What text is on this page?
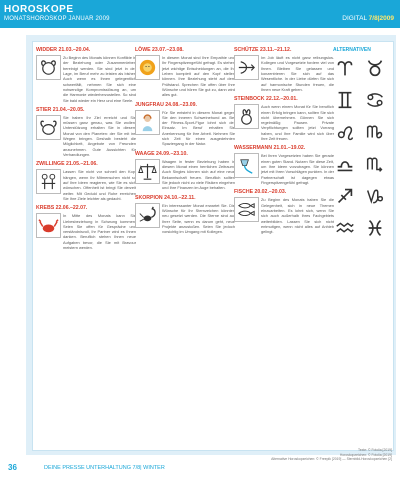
HOROSKOPE
MONATSHOROSKOP JANUAR 2009	DIGITAL 7/8|2009
WIDDER 21.03.–20.04.
Zu Beginn des Monats können Konflikte in der Beziehung oder Zusammenleben bereinigt werden. Sie sind jetzt in der Lage, im Beruf mehr zu leisten als bisher. Auch wenn es Ihnen gelegentlich schwerfällt, nehmen Sie sich eine notwendige Kompromisslösung an, um die Harmonie wiederherzustellen. So sind Sie bald wieder ein Herz und eine Seele.
STIER 21.04.–20.05.
Sie haben Ihr Ziel erreicht und Sie müssen ganz genau, was Sie wollen. Unterstützung erhalten Sie in diesem Monat von den Planeten: der Sie mit ins Wegen bringen. Deshalb besteht die Möglichkeit, Angebote von Freunden anzunehmen. Gute Aussichten für Verhandlungen.
ZWILLINGE 21.05.–21.06.
Lassen Sie nicht vor schnell den Kopf hängen, wenn Ihr Mitmenschen nicht so auf Ihre Ideen reagieren, wie Sie es sich wünschen. Offenheit ist bringt Sie derzeit weiter. Mit Geduld und Ruhe erreichen Sie Ihre Ziele leichter als gedacht.
KREBS 22.06.–22.07.
In Mitte des Monats kann Sie Liebesbeziehung in Schwung kommen. Seien Sie offen für Gespräche und verständnisvoll, Ihr Partner wird es Ihnen danken. Beruflich stehen Ihnen neue Aufgaben bevor, die Sie mit Bravour meistern werden.
LÖWE 23.07.–23.08.
In diesem Monat sind Ihre Empathie und Ihr Fingerspitzengefühl gefragt. Es stehen jetzt wichtige Entscheidungen an, die Ihr Leben komplett auf den Kopf stellen können. Ihre Beziehung steht auf dem Prüfstand. Sprechen Sie offen über Ihre Wünsche und hören Sie gut zu, dann wird alles gut.
JUNGFRAU 24.08.–23.09.
Für Sie entsteht in diesem Monat gegen Sie den inneren Schweinehund an. Bei der Fitness-Sport-Figur lohnt sich der Einsatz. Im Beruf erhalten Sie Anerkennung für Ihre Arbeit. Nehmen Sie sich Zeit für einen ausgedehnten Spaziergang in der Natur.
WAAGE 24.09.–23.10.
Waagen in fester Beziehung haben in diesem Monat einen herrlichen Zeitraum. Auch Singles können sich auf eine neue Bekanntschaft freuen. Beruflich sollten Sie jedoch nicht zu viele Risiken eingehen und Ihre Finanzen im Auge behalten.
SKORPION 24.10.–22.11.
Ein interessanter Monat erwartet Sie. Die Wünsche für Ihr Sternzeichen könnten neu gesetzt werden. Die Sterne sind auf Ihrer Seite, wenn es darum geht, neue Projekte anzustoßen. Seien Sie jedoch vorsichtig im Umgang mit Kollegen.
SCHÜTZE 23.11.–21.12.
Im Job läuft es nicht ganz reibungslos. Kollegen und Vorgesetzte fordern viel von Ihnen. Bleiben Sie gelassen und konzentrieren Sie sich auf das Wesentliche. In der Liebe dürfen Sie sich auf harmonische Stunden freuen, die Ihnen neue Kraft geben.
STEINBOCK 22.12.–20.01.
Auch wenn einem Monat für Sie beruflich einen Erfolg bringen kann, sollten Sie sich nicht übernehmen. Gönnen Sie sich regelmäßig Pausen. Private Verpflichtungen sollten jetzt Vorrang haben, und Ihre Familie wird sich über Ihre Zeit freuen.
WASSERMANN 21.01.–19.02.
Bei Ihren Vorgesetzten haben Sie gerade einen guten Stand. Nutzen Sie diese Zeit, um Ihre Ideen vorzutragen. Sie können jetzt mit Ihren Vorschlägen punkten. In der Partnerschaft ist dagegen etwas Fingerspitzengefühl gefragt.
FISCHE 20.02.–20.03.
Zu Beginn des Monats haben Sie die Gelegenheit, sich in neue Themen einzuarbeiten. Es lohnt sich, wenn Sie sich auch außerhalb Ihres Fachgebiets weiterbilden. Lassen Sie sich nicht entmutigen, wenn nicht alles auf Anhieb gelingt.
ALTERNATIVEN
Texte: © Fotolia [2019]
Horoskopzeichen: © Fotolia [2019]
Alternative Horoskopzeichen: © Freepik [2019] — Sternbild-Horoskopzeichen [2]
36	DEINE PRESSE UNTERHALTUNG 7/8| WINTER
